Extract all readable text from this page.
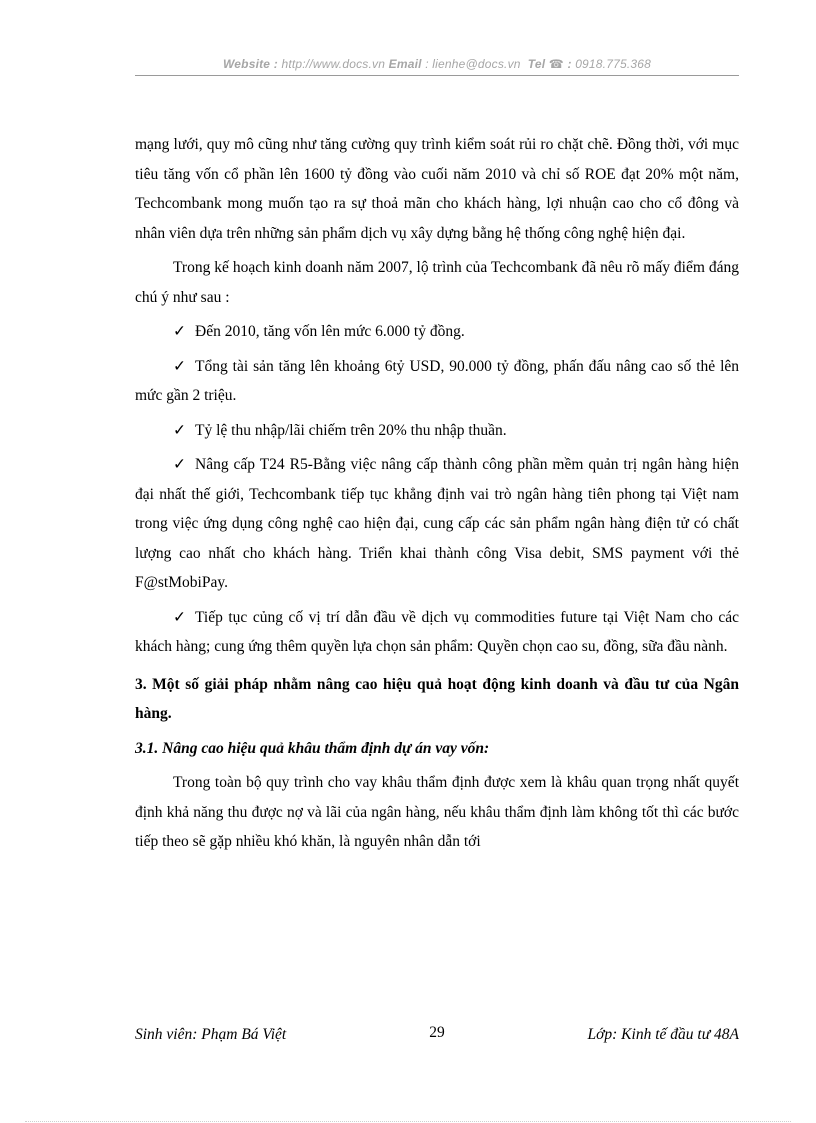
Website : http://www.docs.vn Email : lienhe@docs.vn Tel ☎ : 0918.775.368

mạng lưới, quy mô cũng như tăng cường quy trình kiểm soát rủi ro chặt chẽ. Đồng thời, với mục tiêu tăng vốn cổ phần lên 1600 tỷ đồng vào cuối năm 2010 và chỉ số ROE đạt 20% một năm, Techcombank mong muốn tạo ra sự thoả mãn cho khách hàng, lợi nhuận cao cho cổ đông và nhân viên dựa trên những sản phẩm dịch vụ xây dựng bằng hệ thống công nghệ hiện đại.

Trong kế hoạch kinh doanh năm 2007, lộ trình của Techcombank đã nêu rõ mấy điểm đáng chú ý như sau :

✓ Đến 2010, tăng vốn lên mức 6.000 tỷ đồng.

✓ Tổng tài sản tăng lên khoảng 6tỷ USD, 90.000 tỷ đồng, phấn đấu nâng cao số thẻ lên mức gần 2 triệu.

✓ Tỷ lệ thu nhập/lãi chiếm trên 20% thu nhập thuần.

✓ Nâng cấp T24 R5-Bằng việc nâng cấp thành công phần mềm quản trị ngân hàng hiện đại nhất thế giới, Techcombank tiếp tục khẳng định vai trò ngân hàng tiên phong tại Việt nam trong việc ứng dụng công nghệ cao hiện đại, cung cấp các sản phẩm ngân hàng điện tử có chất lượng cao nhất cho khách hàng. Triển khai thành công Visa debit, SMS payment với thẻ F@stMobiPay.

✓ Tiếp tục củng cố vị trí dẫn đầu về dịch vụ commodities future tại Việt Nam cho các khách hàng; cung ứng thêm quyền lựa chọn sản phẩm: Quyền chọn cao su, đồng, sữa đầu nành.

3. Một số giải pháp nhằm nâng cao hiệu quả hoạt động kinh doanh và đầu tư của Ngân hàng.

3.1. Nâng cao hiệu quả khâu thẩm định dự án vay vốn:

Trong toàn bộ quy trình cho vay khâu thẩm định được xem là khâu quan trọng nhất quyết định khả năng thu được nợ và lãi của ngân hàng, nếu khâu thẩm định làm không tốt thì các bước tiếp theo sẽ gặp nhiều khó khăn, là nguyên nhân dẫn tới

Sinh viên: Phạm Bá Việt	29	Lớp: Kinh tế đầu tư 48A
